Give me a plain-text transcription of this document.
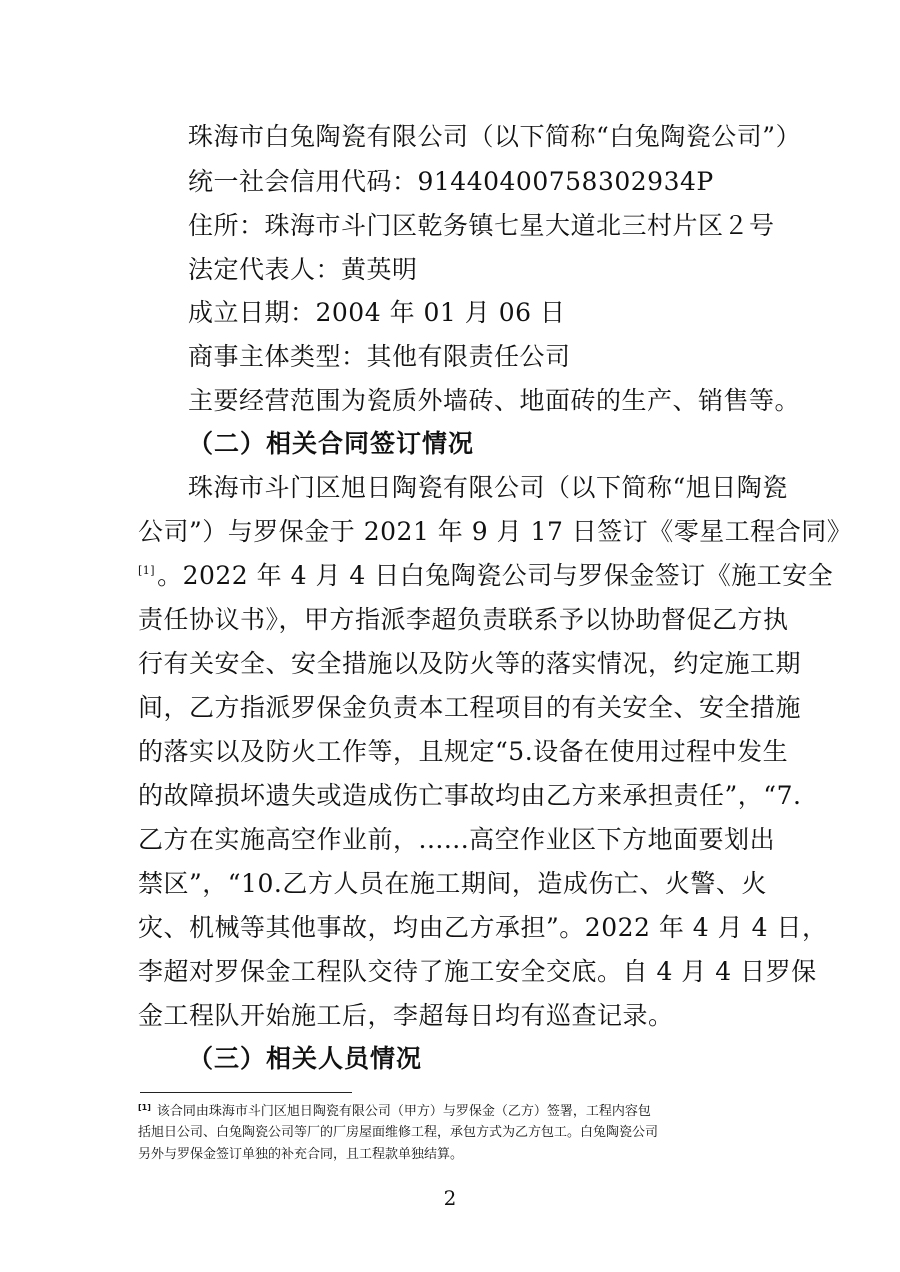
珠海市白兔陶瓷有限公司（以下简称“白兔陶瓷公司”）
统一社会信用代码：91440400758302934P
住所：珠海市斗门区乾务镇七星大道北三村片区２号
法定代表人：黄英明
成立日期：2004 年 01 月 06 日
商事主体类型：其他有限责任公司
主要经营范围为瓷质外墙砖、地面砖的生产、销售等。
（二）相关合同签订情况
珠海市斗门区旭日陶瓷有限公司（以下简称“旭日陶瓷
公司”）与罗保金于 2021 年 9 月 17 日签订《零星工程合同》
[1]。2022 年 4 月 4 日白兔陶瓷公司与罗保金签订《施工安全
责任协议书》，甲方指派李超负责联系予以协助督促乙方执
行有关安全、安全措施以及防火等的落实情况，约定施工期
间，乙方指派罗保金负责本工程项目的有关安全、安全措施
的落实以及防火工作等，且规定“5.设备在使用过程中发生
的故障损坏遗失或造成伤亡事故均由乙方来承担责任”，“7.
乙方在实施高空作业前，......高空作业区下方地面要划出
禁区”，“10.乙方人员在施工期间，造成伤亡、火警、火
灾、机械等其他事故，均由乙方承担”。2022 年 4 月 4 日，
李超对罗保金工程队交待了施工安全交底。自 4 月 4 日罗保
金工程队开始施工后，李超每日均有巡查记录。
（三）相关人员情况
[1] 该合同由珠海市斗门区旭日陶瓷有限公司（甲方）与罗保金（乙方）签署，工程内容包
括旭日公司、白兔陶瓷公司等厂的厂房屋面维修工程，承包方式为乙方包工。白兔陶瓷公司
另外与罗保金签订单独的补充合同，且工程款单独结算。
2
